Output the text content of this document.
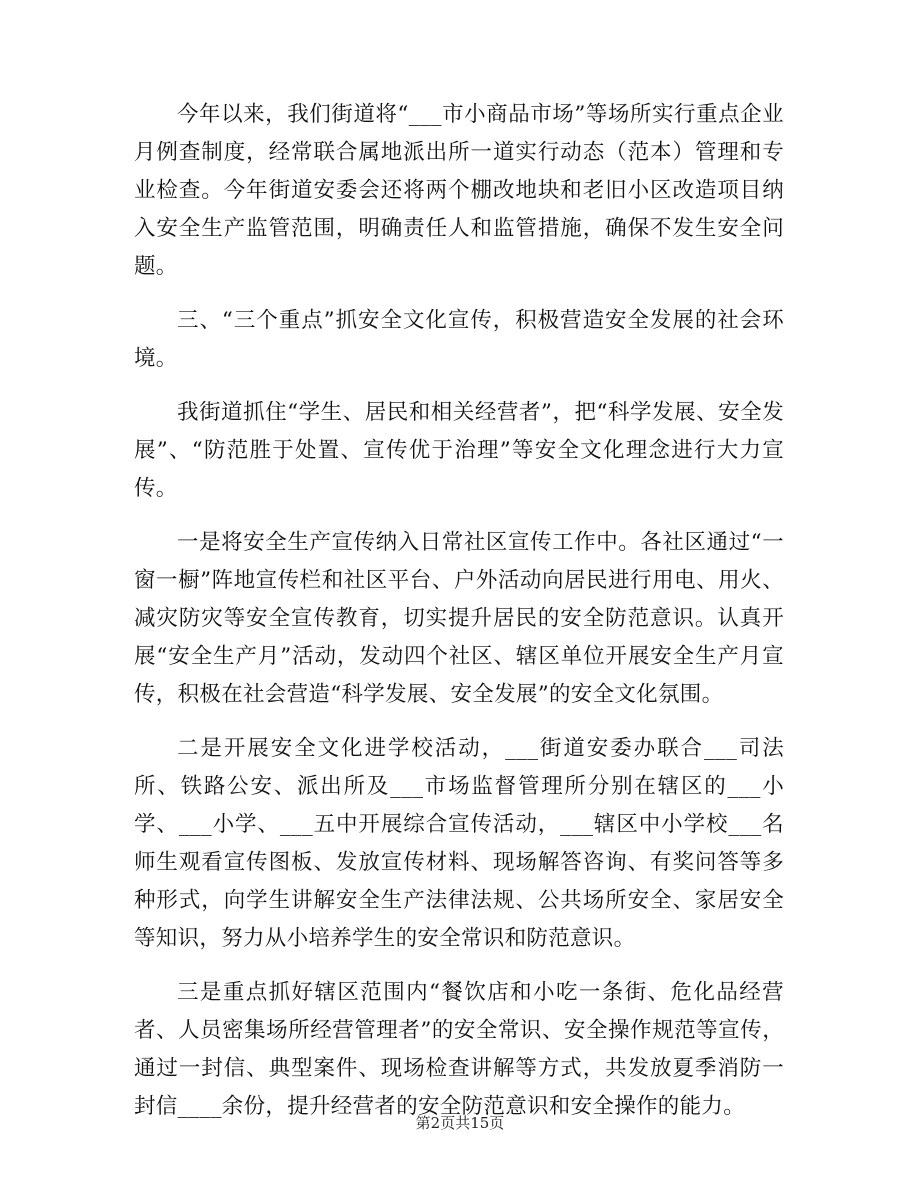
今年以来，我们街道将“___市小商品市场”等场所实行重点企业月例查制度，经常联合属地派出所一道实行动态（范本）管理和专业检查。今年街道安委会还将两个棚改地块和老旧小区改造项目纳入安全生产监管范围，明确责任人和监管措施，确保不发生安全问题。

三、“三个重点”抓安全文化宣传，积极营造安全发展的社会环境。

我街道抓住“学生、居民和相关经营者”，把“科学发展、安全发展”、“防范胜于处置、宣传优于治理”等安全文化理念进行大力宣传。

一是将安全生产宣传纳入日常社区宣传工作中。各社区通过“一窗一橱”阵地宣传栏和社区平台、户外活动向居民进行用电、用火、减灾防灾等安全宣传教育，切实提升居民的安全防范意识。认真开展“安全生产月”活动，发动四个社区、辖区单位开展安全生产月宣传，积极在社会营造“科学发展、安全发展”的安全文化氛围。

二是开展安全文化进学校活动，___街道安委办联合___司法所、铁路公安、派出所及___市场监督管理所分别在辖区的___小学、___小学、___五中开展综合宣传活动，___辖区中小学校___名师生观看宣传图板、发放宣传材料、现场解答咨询、有奖问答等多种形式，向学生讲解安全生产法律法规、公共场所安全、家居安全等知识，努力从小培养学生的安全常识和防范意识。

三是重点抓好辖区范围内“餐饮店和小吃一条街、危化品经营者、人员密集场所经营管理者”的安全常识、安全操作规范等宣传，通过一封信、典型案件、现场检查讲解等方式，共发放夏季消防一封信____余份，提升经营者的安全防范意识和安全操作的能力。

第2页共15页
